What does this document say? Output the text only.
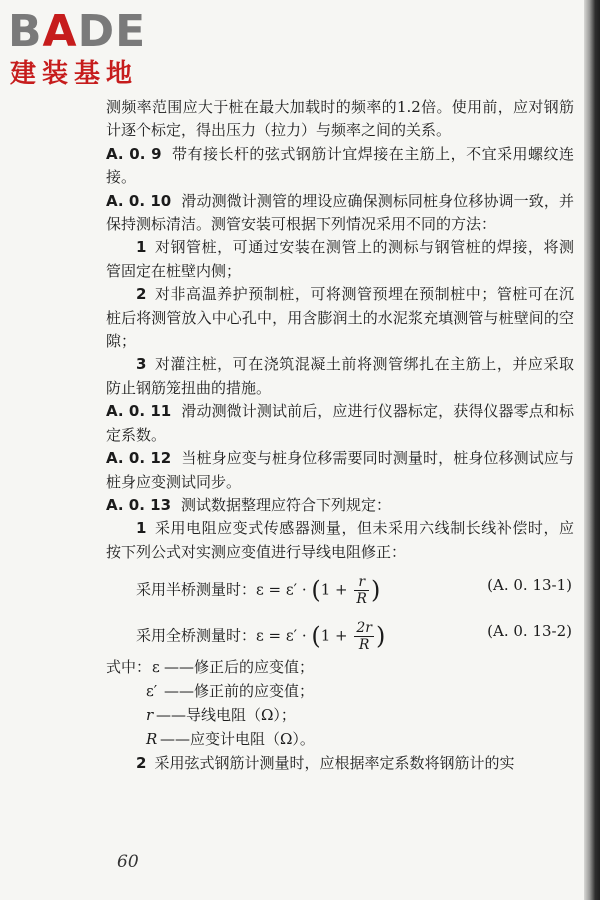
BADE
建装基地

测频率范围应大于桩在最大加载时的频率的1.2倍。使用前，应对钢筋计逐个标定，得出压力（拉力）与频率之间的关系。

A. 0. 9 带有接长杆的弦式钢筋计宜焊接在主筋上，不宜采用螺纹连接。

A. 0. 10 滑动测微计测管的埋设应确保测标同桩身位移协调一致，并保持测标清洁。测管安装可根据下列情况采用不同的方法：

1 对钢管桩，可通过安装在测管上的测标与钢管桩的焊接，将测管固定在桩壁内侧；

2 对非高温养护预制桩，可将测管预埋在预制桩中；管桩可在沉桩后将测管放入中心孔中，用含膨润土的水泥浆充填测管与桩壁间的空隙；

3 对灌注桩，可在浇筑混凝土前将测管绑扎在主筋上，并应采取防止钢筋笼扭曲的措施。

A. 0. 11 滑动测微计测试前后，应进行仪器标定，获得仪器零点和标定系数。

A. 0. 12 当桩身应变与桩身位移需要同时测量时，桩身位移测试应与桩身应变测试同步。

A. 0. 13 测试数据整理应符合下列规定：

1 采用电阻应变式传感器测量，但未采用六线制长线补偿时，应按下列公式对实测应变值进行导线电阻修正：

采用半桥测量时：$\varepsilon = \varepsilon' \cdot (1 + \frac{r}{R}$ )	(A. 0. 13-1)
采用全桥测量时：$\varepsilon = \varepsilon' \cdot (1 + \frac{2r}{R}$ )	(A. 0. 13-2)
式中： ε ——修正后的应变值；
ε′ ——修正前的应变值；
r ——导线电阻（Ω）；
R ——应变计电阻（Ω）。

2 采用弦式钢筋计测量时，应根据率定系数将钢筋计的实

60
